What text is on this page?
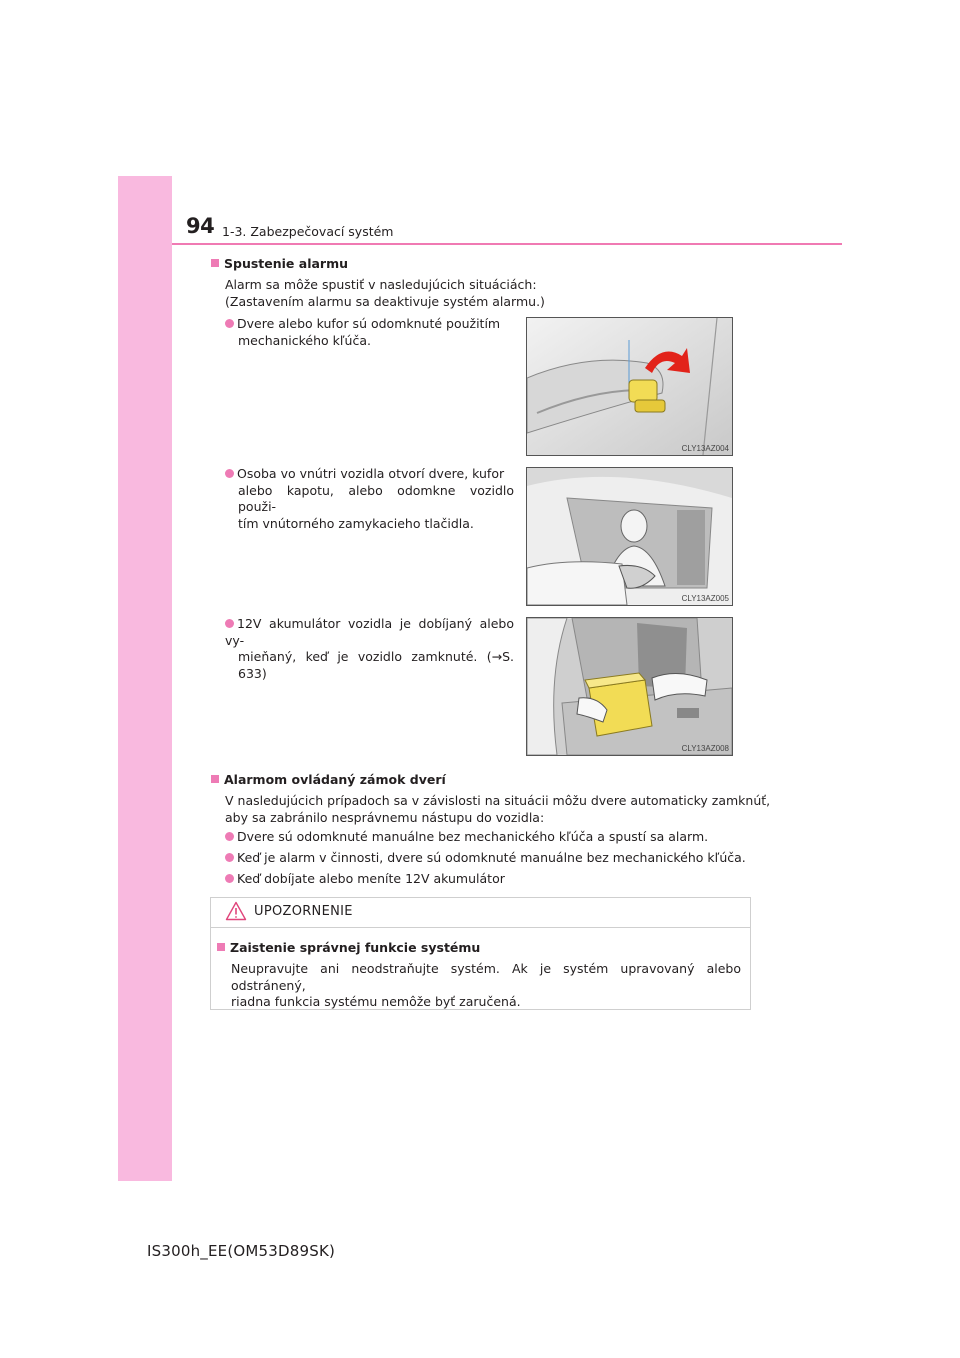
94 1-3. Zabezpečovací systém
Spustenie alarmu
Alarm sa môže spustiť v nasledujúcich situáciách:
(Zastavením alarmu sa deaktivuje systém alarmu.)
Dvere alebo kufor sú odomknuté použitím
mechanického kľúča.
CLY13AZ004
Osoba vo vnútri vozidla otvorí dvere, kufor
alebo kapotu, alebo odomkne vozidlo použi-
tím vnútorného zamykacieho tlačidla.
CLY13AZ005
12V akumulátor vozidla je dobíjaný alebo vy-
mieňaný, keď je vozidlo zamknuté. (→S. 633)
CLY13AZ008
Alarmom ovládaný zámok dverí
V nasledujúcich prípadoch sa v závislosti na situácii môžu dvere automaticky zamknúť,
aby sa zabránilo nesprávnemu nástupu do vozidla:
Dvere sú odomknuté manuálne bez mechanického kľúča a spustí sa alarm.
Keď je alarm v činnosti, dvere sú odomknuté manuálne bez mechanického kľúča.
Keď dobíjate alebo meníte 12V akumulátor
UPOZORNENIE
Zaistenie správnej funkcie systému
Neupravujte ani neodstraňujte systém. Ak je systém upravovaný alebo odstránený,
riadna funkcia systému nemôže byť zaručená.
IS300h_EE(OM53D89SK)
